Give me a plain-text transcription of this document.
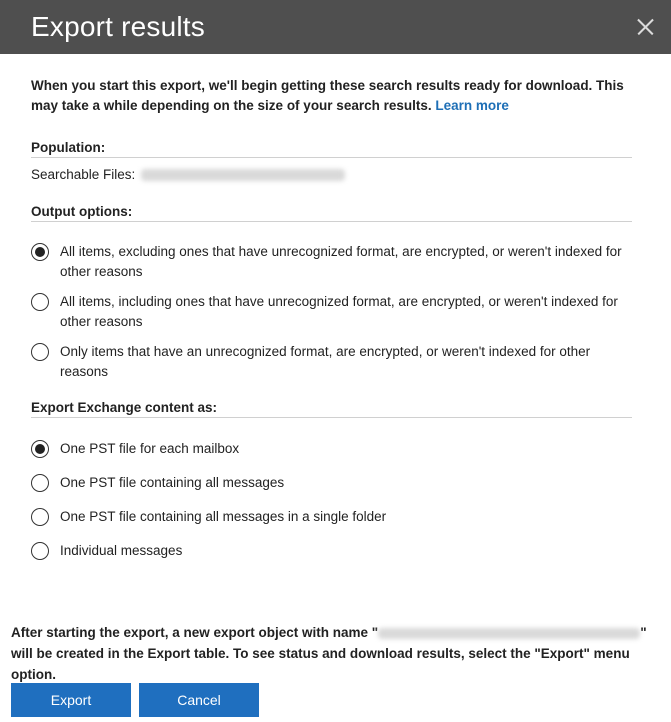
Export results

When you start this export, we'll begin getting these search results ready for download. This may take a while depending on the size of your search results. Learn more

Population:
Searchable Files:
Output options:
All items, excluding ones that have unrecognized format, are encrypted, or weren't indexed for other reasons
All items, including ones that have unrecognized format, are encrypted, or weren't indexed for other reasons
Only items that have an unrecognized format, are encrypted, or weren't indexed for other reasons
Export Exchange content as:
One PST file for each mailbox
One PST file containing all messages
One PST file containing all messages in a single folder
Individual messages
After starting the export, a new export object with name "	" will be created in the Export table. To see status and download results, select the "Export" menu option.
Export	Cancel
